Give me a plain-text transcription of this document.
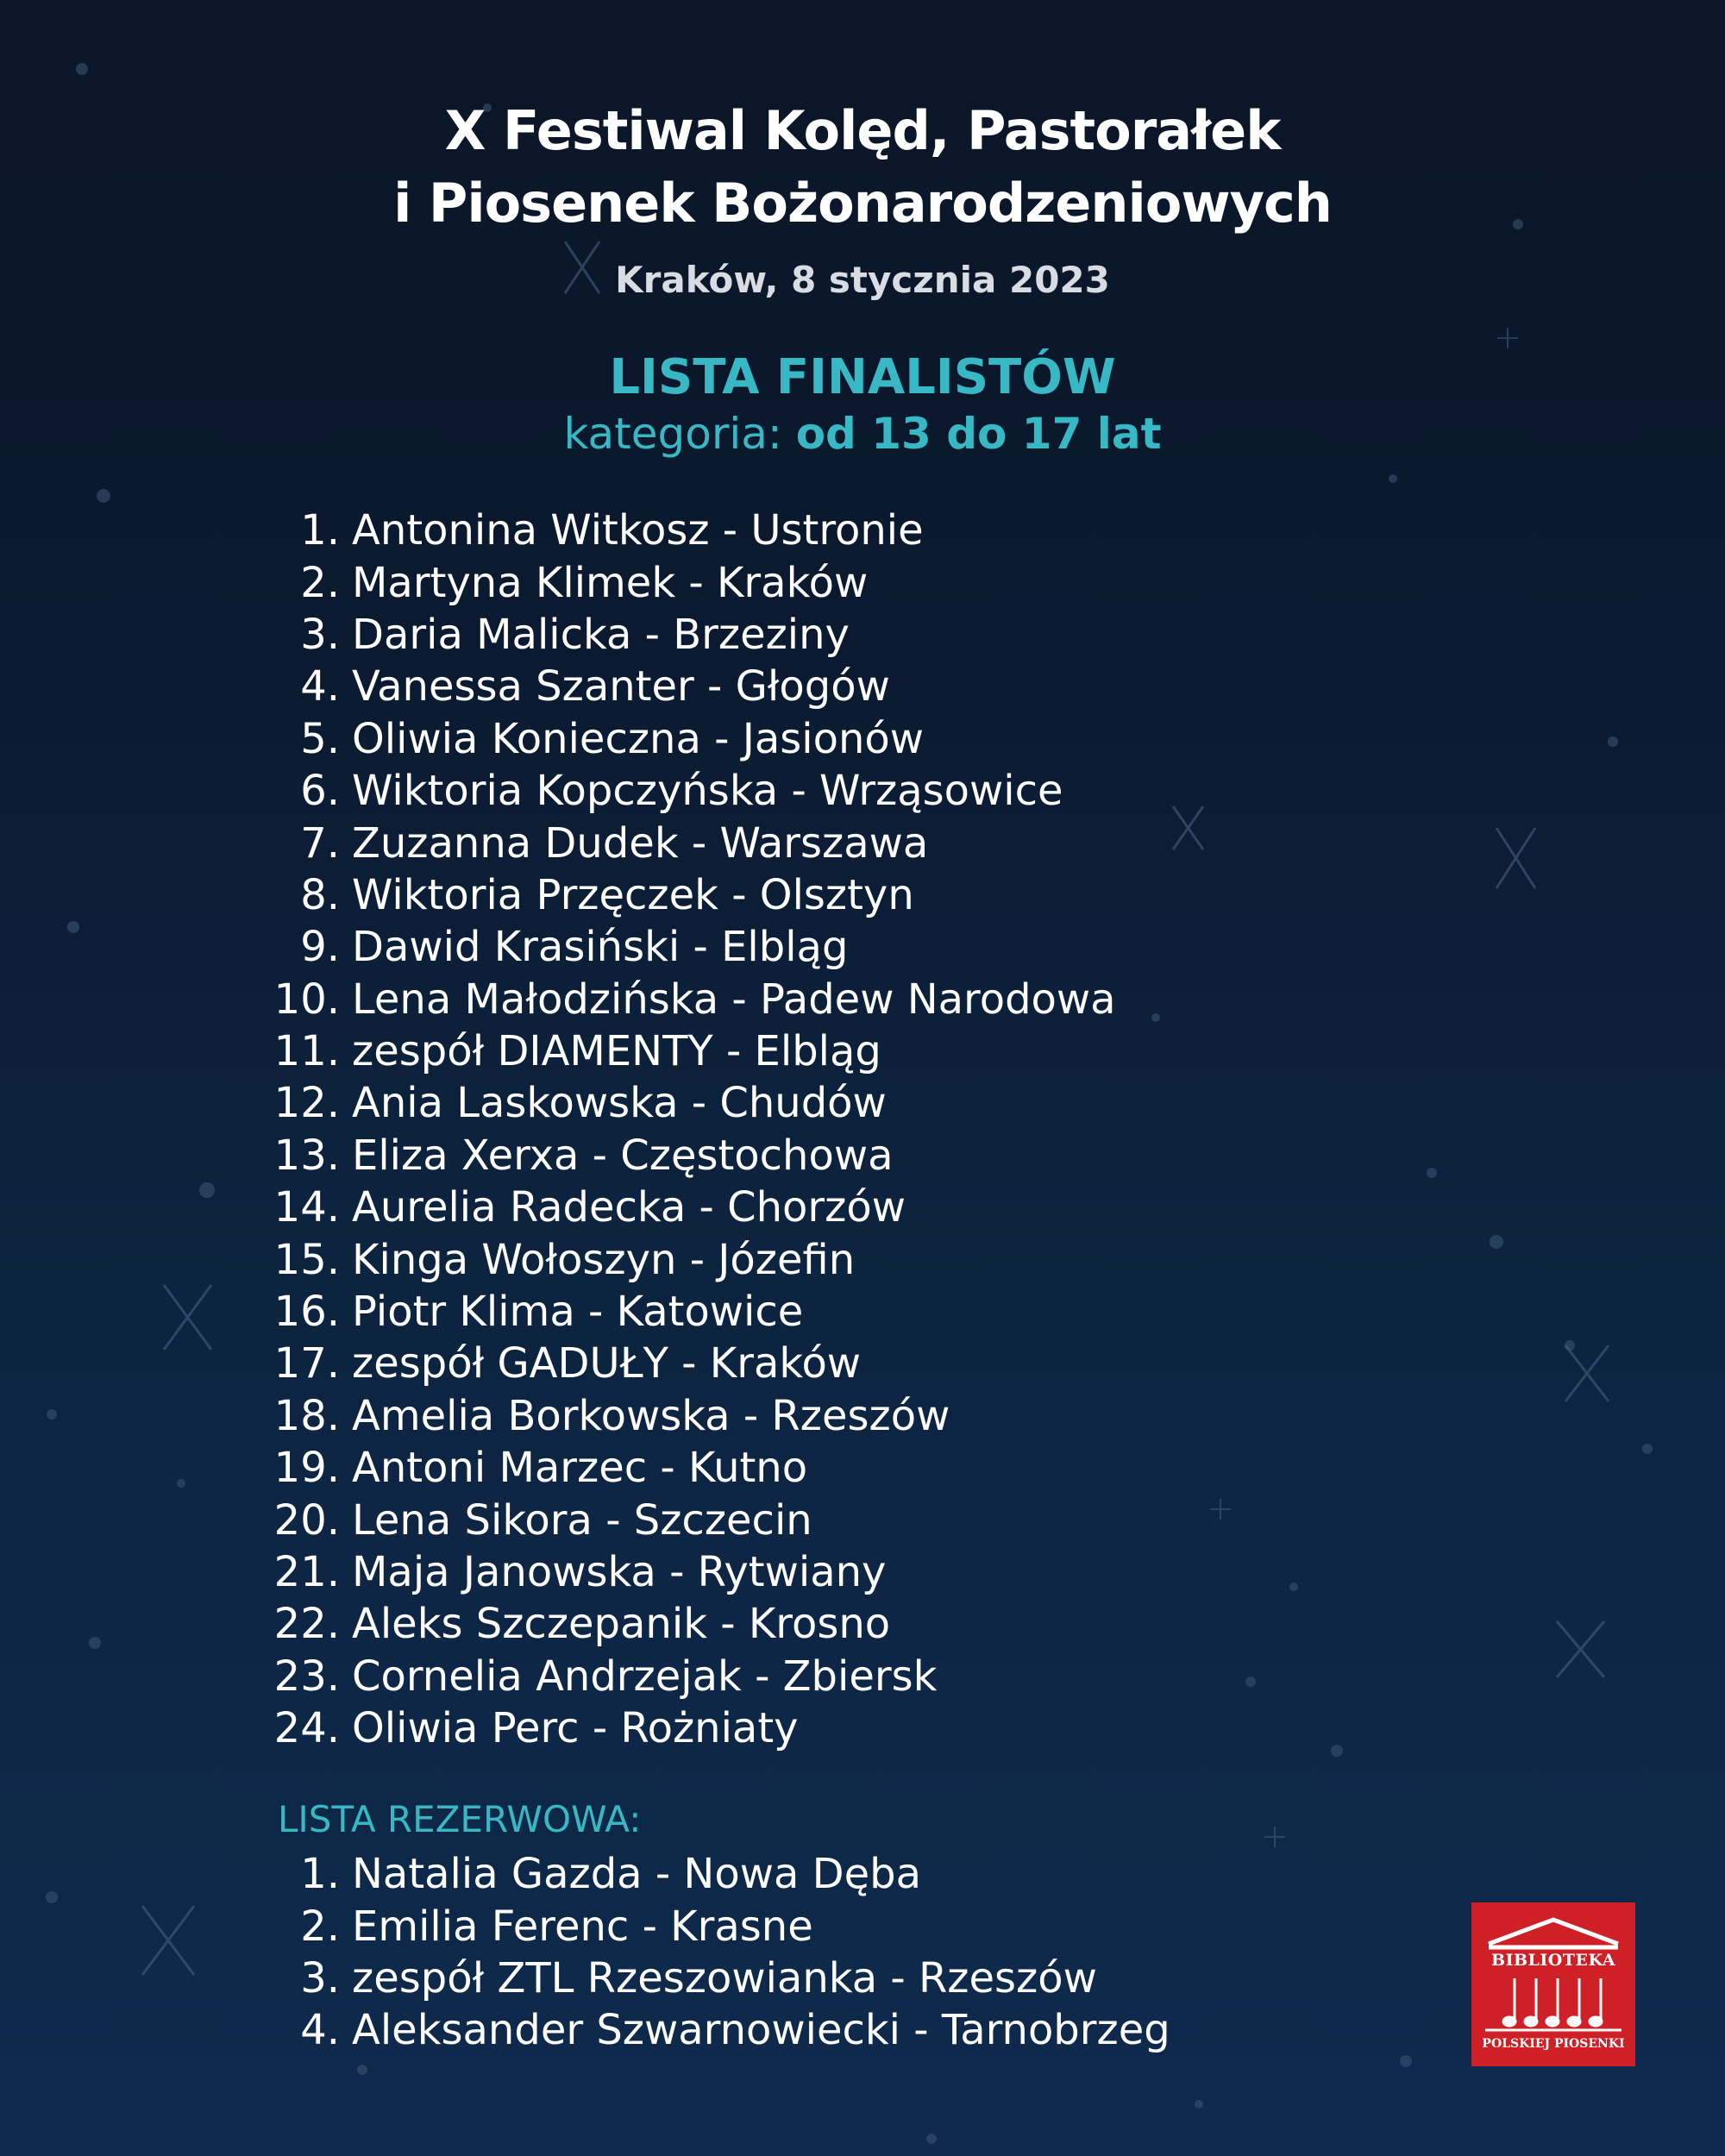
X Festiwal Kolęd, Pastorałek
i Piosenek Bożonarodzeniowych
Kraków, 8 stycznia 2023
LISTA FINALISTÓW
kategoria: od 13 do 17 lat
1. Antonina Witkosz - Ustronie
2. Martyna Klimek - Kraków
3. Daria Malicka - Brzeziny
4. Vanessa Szanter - Głogów
5. Oliwia Konieczna - Jasionów
6. Wiktoria Kopczyńska - Wrząsowice
7. Zuzanna Dudek - Warszawa
8. Wiktoria Przęczek - Olsztyn
9. Dawid Krasiński - Elbląg
10. Lena Małodzińska - Padew Narodowa
11. zespół DIAMENTY - Elbląg
12. Ania Laskowska - Chudów
13. Eliza Xerxa - Częstochowa
14. Aurelia Radecka - Chorzów
15. Kinga Wołoszyn - Józefin
16. Piotr Klima - Katowice
17. zespół GADUŁY - Kraków
18. Amelia Borkowska - Rzeszów
19. Antoni Marzec - Kutno
20. Lena Sikora - Szczecin
21. Maja Janowska - Rytwiany
22. Aleks Szczepanik - Krosno
23. Cornelia Andrzejak - Zbiersk
24. Oliwia Perc - Rożniaty
LISTA REZERWOWA:
1. Natalia Gazda - Nowa Dęba
2. Emilia Ferenc - Krasne
3. zespół ZTL Rzeszowianka - Rzeszów
4. Aleksander Szwarnowiecki - Tarnobrzeg
BIBLIOTEKA
POLSKIEJ PIOSENKI
